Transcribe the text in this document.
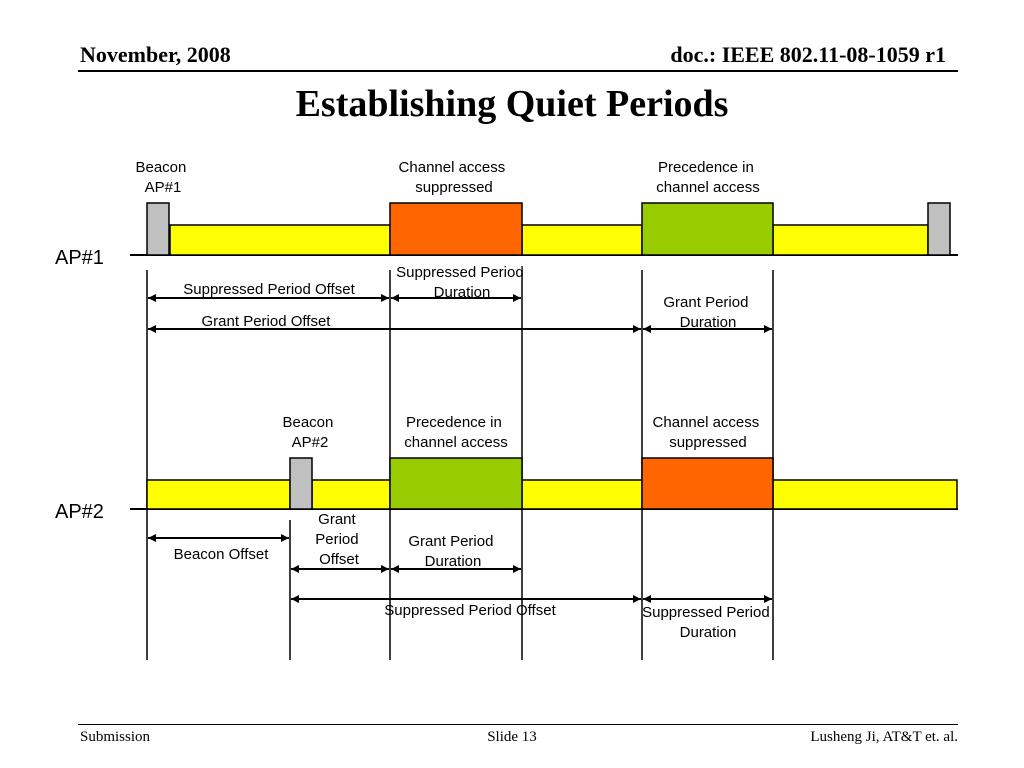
November, 2008	doc.: IEEE 802.11-08-1059 r1
Establishing Quiet Periods
AP#1
Beacon AP#1
Channel access suppressed
Precedence in channel access
Suppressed Period Offset
Suppressed Period Duration
Grant Period Offset
Grant Period Duration
AP#2
Beacon AP#2
Precedence in channel access
Channel access suppressed
Beacon Offset
Grant Period Offset
Grant Period Duration
Suppressed Period Offset	Suppressed Period Duration
Submission	Slide 13	Lusheng Ji, AT&T et. al.
